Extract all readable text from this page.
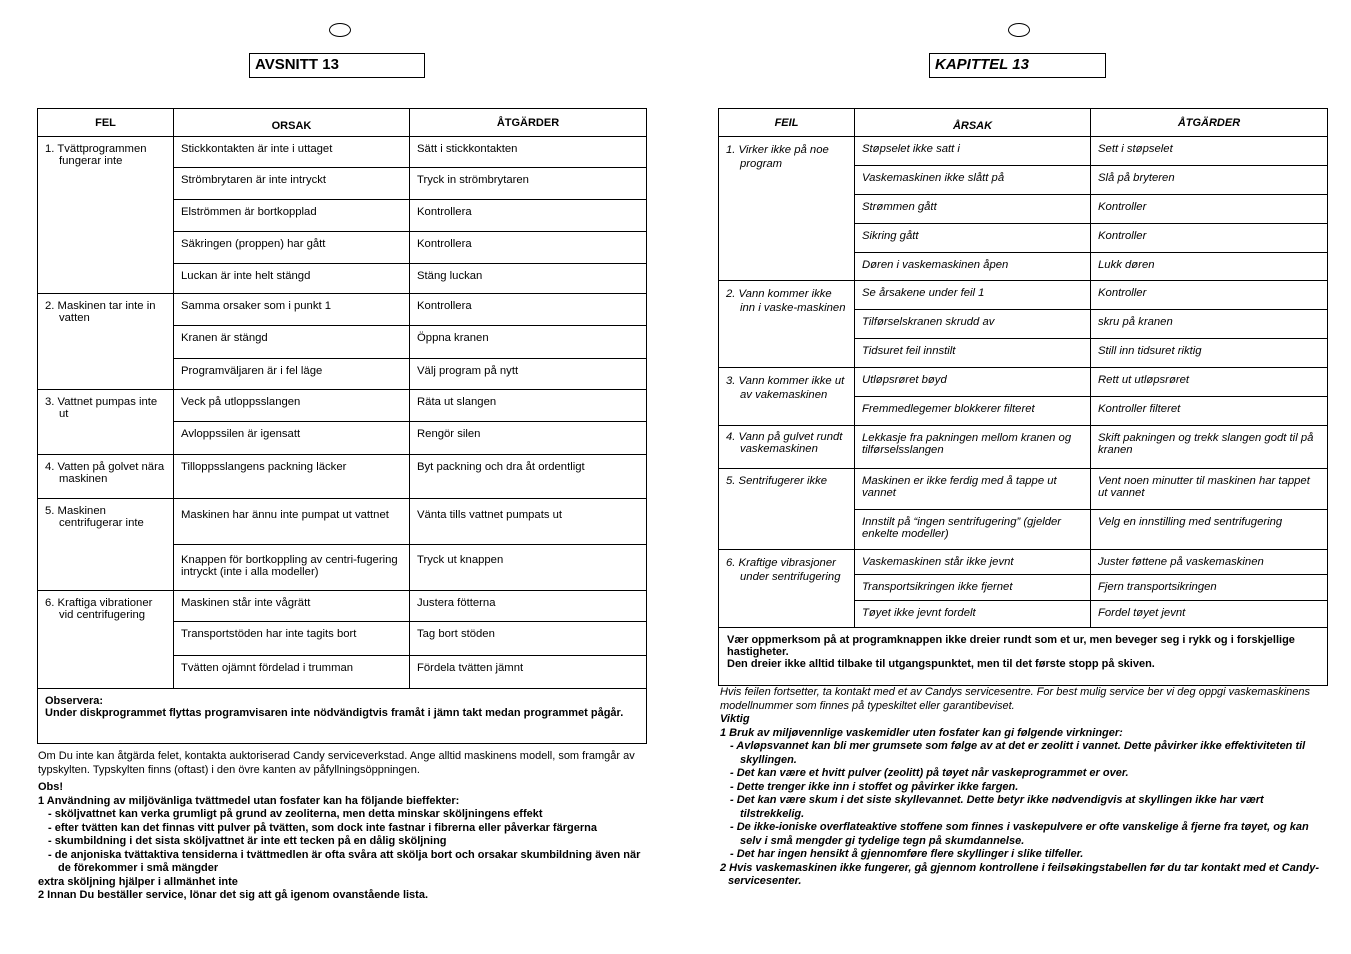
AVSNITT 13
FEL	ORSAK	ÅTGÄRDER

1. Tvättprogrammen fungerar inte	Stickkontakten är inte i uttaget	Sätt i stickkontakten
	Strömbrytaren är inte intryckt	Tryck in strömbrytaren
	Elströmmen är bortkopplad	Kontrollera
	Säkringen (proppen) har gått	Kontrollera
	Luckan är inte helt stängd	Stäng luckan

2. Maskinen tar inte in vatten	Samma orsaker som i punkt 1	Kontrollera
	Kranen är stängd	Öppna kranen
	Programväljaren är i fel läge	Välj program på nytt

3. Vattnet pumpas inte ut	Veck på utloppsslangen	Räta ut slangen
	Avloppssilen är igensatt	Rengör silen

4. Vatten på golvet nära maskinen	Tilloppsslangens packning läcker	Byt packning och dra åt ordentligt

5. Maskinen centrifugerar inte	Maskinen har ännu inte pumpat ut vattnet	Vänta tills vattnet pumpats ut
	Knappen för bortkoppling av centri-fugering intryckt (inte i alla modeller)	Tryck ut knappen

6. Kraftiga vibrationer vid centrifugering	Maskinen står inte vågrätt	Justera fötterna
	Transportstöden har inte tagits bort	Tag bort stöden
	Tvätten ojämnt fördelad i trumman	Fördela tvätten jämnt

Observera:
Under diskprogrammet flyttas programvisaren inte nödvändigtvis framåt i jämn takt medan programmet pågår.		
Om Du inte kan åtgärda felet, kontakta auktoriserad Candy serviceverkstad. Ange alltid maskinens modell, som framgår av typskylten. Typskylten finns (oftast) i den övre kanten av påfyllningsöppningen.
Obs!
1 Användning av miljövänliga tvättmedel utan fosfater kan ha följande bieffekter:
- sköljvattnet kan verka grumligt på grund av zeoliterna, men detta minskar sköljningens effekt
- efter tvätten kan det finnas vitt pulver på tvätten, som dock inte fastnar i fibrerna eller påverkar färgerna
- skumbildning i det sista sköljvattnet är inte ett tecken på en dålig sköljning
- de anjoniska tvättaktiva tensiderna i tvättmedlen är ofta svåra att skölja bort och orsakar skumbildning även när de förekommer i små mängder
extra sköljning hjälper i allmänhet inte
2 Innan Du beställer service, lönar det sig att gå igenom ovanstående lista.
KAPITTEL 13
FEIL	ÅRSAK	ÅTGÄRDER

1. Virker ikke på noe program	Støpselet ikke satt i	Sett i støpselet
	Vaskemaskinen ikke slått på	Slå på bryteren
	Strømmen gått	Kontroller
	Sikring gått	Kontroller
	Døren i vaskemaskinen åpen	Lukk døren

2. Vann kommer ikke inn i vaske-maskinen	Se årsakene under feil 1	Kontroller
	Tilførselskranen skrudd av	skru på kranen
	Tidsuret feil innstilt	Still inn tidsuret riktig

3. Vann kommer ikke ut av vakemaskinen	Utløpsrøret bøyd	Rett ut utløpsrøret
	Fremmedlegemer blokkerer filteret	Kontroller filteret

4. Vann på gulvet rundt vaskemaskinen	Lekkasje fra pakningen mellom kranen og tilførselsslangen	Skift pakningen og trekk slangen godt til på kranen

5. Sentrifugerer ikke	Maskinen er ikke ferdig med å tappe ut vannet	Vent noen minutter til maskinen har tappet ut vannet
	Innstilt på “ingen sentrifugering” (gjelder enkelte modeller)	Velg en innstilling med sentrifugering

6. Kraftige vibrasjoner under sentrifugering	Vaskemaskinen står ikke jevnt	Juster føttene på vaskemaskinen
	Transportsikringen ikke fjernet	Fjern transportsikringen
	Tøyet ikke jevnt fordelt	Fordel tøyet jevnt

Vær oppmerksom på at programknappen ikke dreier rundt som et ur, men beveger seg i rykk og i forskjellige hastigheter.
Den dreier ikke alltid tilbake til utgangspunktet, men til det første stopp på skiven.		
Hvis feilen fortsetter, ta kontakt med et av Candys servicesentre. For best mulig service ber vi deg oppgi vaskemaskinens modellnummer som finnes på typeskiltet eller garantibeviset.
Viktig
1 Bruk av miljøvennlige vaskemidler uten fosfater kan gi følgende virkninger:
- Avløpsvannet kan bli mer grumsete som følge av at det er zeolitt i vannet. Dette påvirker ikke effektiviteten til skyllingen.
- Det kan være et hvitt pulver (zeolitt) på tøyet når vaskeprogrammet er over.
- Dette trenger ikke inn i stoffet og påvirker ikke fargen.
- Det kan være skum i det siste skyllevannet. Dette betyr ikke nødvendigvis at skyllingen ikke har vært tilstrekkelig.
- De ikke-ioniske overflateaktive stoffene som finnes i vaskepulvere er ofte vanskelige å fjerne fra tøyet, og kan selv i små mengder gi tydelige tegn på skumdannelse.
- Det har ingen hensikt å gjennomføre flere skyllinger i slike tilfeller.
2 Hvis vaskemaskinen ikke fungerer, gå gjennom kontrollene i feilsøkingstabellen før du tar kontakt med et Candy-servicesenter.
